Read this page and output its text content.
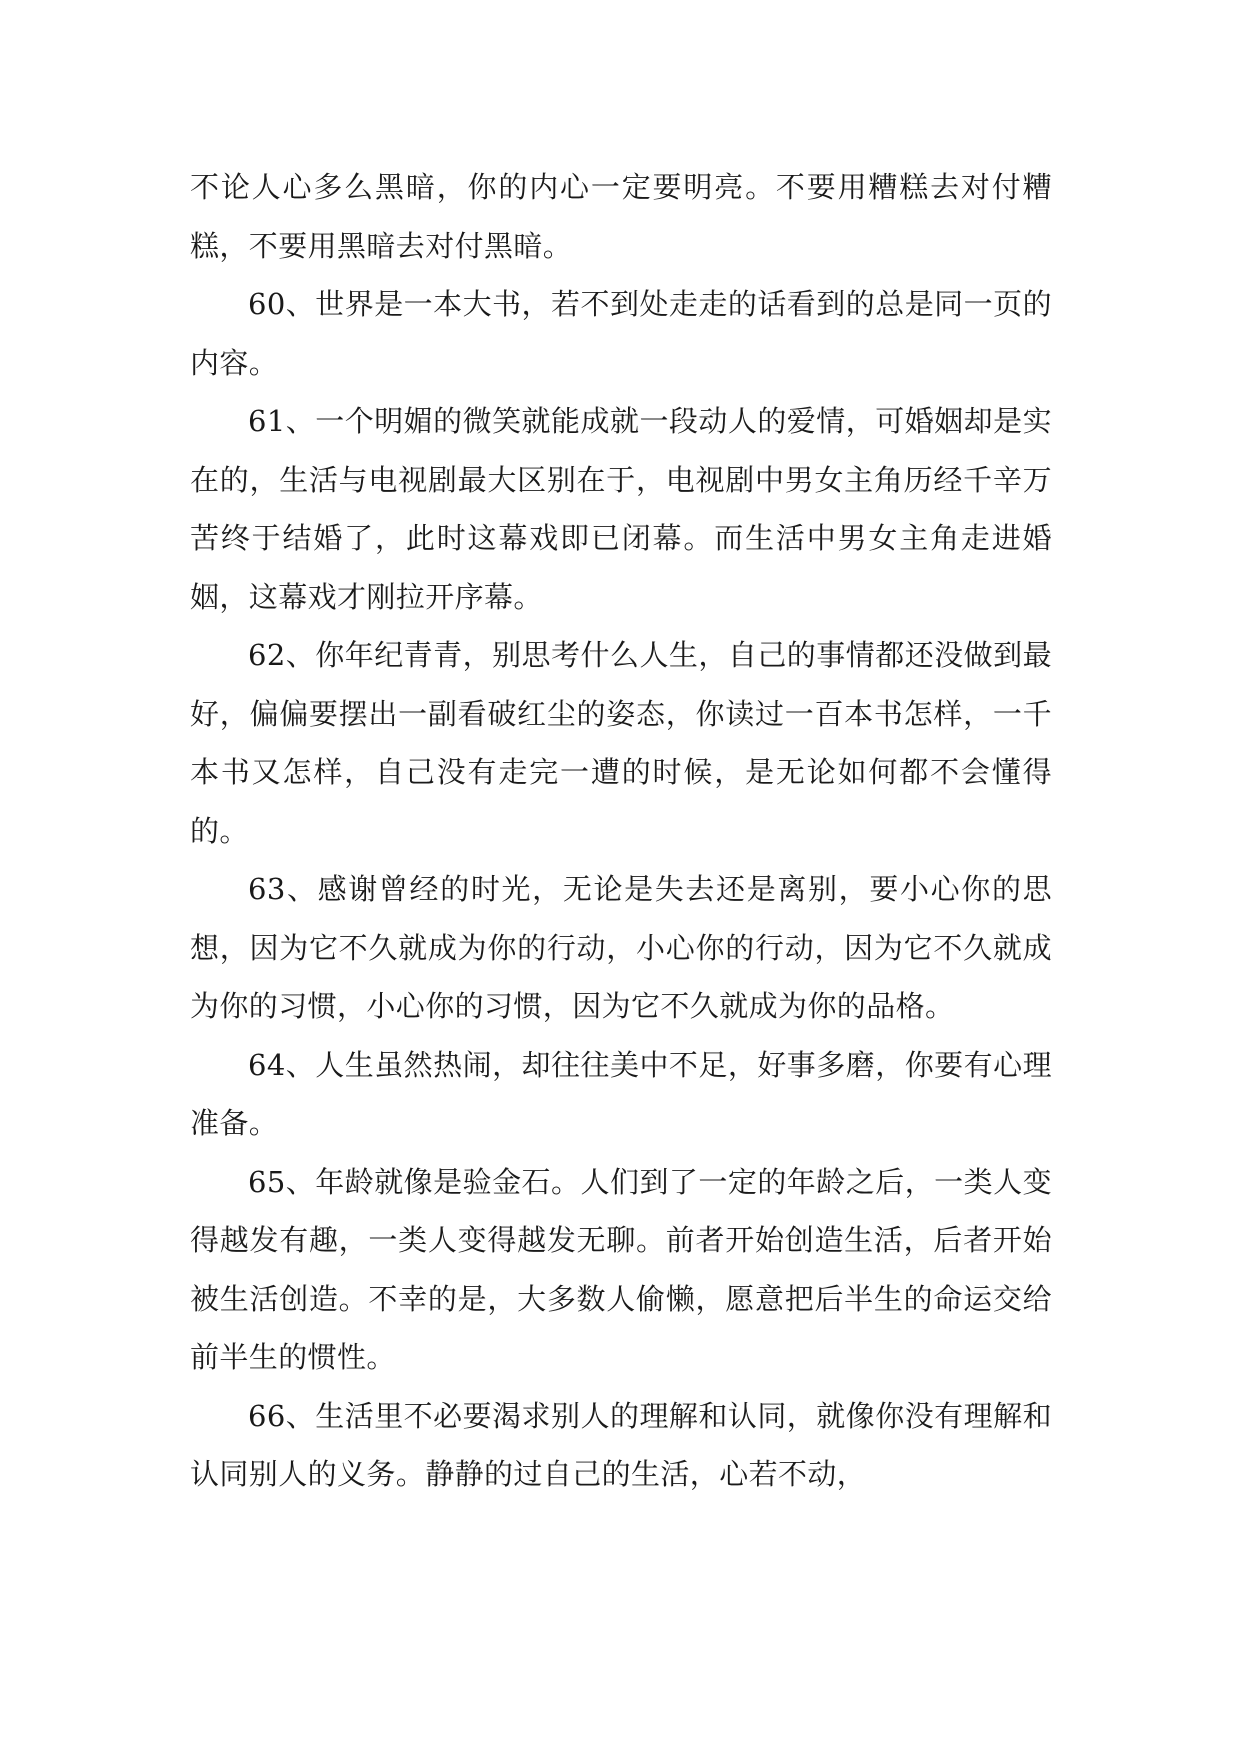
不论人心多么黑暗，你的内心一定要明亮。不要用糟糕去对付糟糕，不要用黑暗去对付黑暗。

60、世界是一本大书，若不到处走走的话看到的总是同一页的内容。

61、一个明媚的微笑就能成就一段动人的爱情，可婚姻却是实在的，生活与电视剧最大区别在于，电视剧中男女主角历经千辛万苦终于结婚了，此时这幕戏即已闭幕。而生活中男女主角走进婚姻，这幕戏才刚拉开序幕。

62、你年纪青青，别思考什么人生，自己的事情都还没做到最好，偏偏要摆出一副看破红尘的姿态，你读过一百本书怎样，一千本书又怎样，自己没有走完一遭的时候，是无论如何都不会懂得的。

63、感谢曾经的时光，无论是失去还是离别，要小心你的思想，因为它不久就成为你的行动，小心你的行动，因为它不久就成为你的习惯，小心你的习惯，因为它不久就成为你的品格。

64、人生虽然热闹，却往往美中不足，好事多磨，你要有心理准备。

65、年龄就像是验金石。人们到了一定的年龄之后，一类人变得越发有趣，一类人变得越发无聊。前者开始创造生活，后者开始被生活创造。不幸的是，大多数人偷懒，愿意把后半生的命运交给前半生的惯性。

66、生活里不必要渴求别人的理解和认同，就像你没有理解和认同别人的义务。静静的过自己的生活，心若不动，
